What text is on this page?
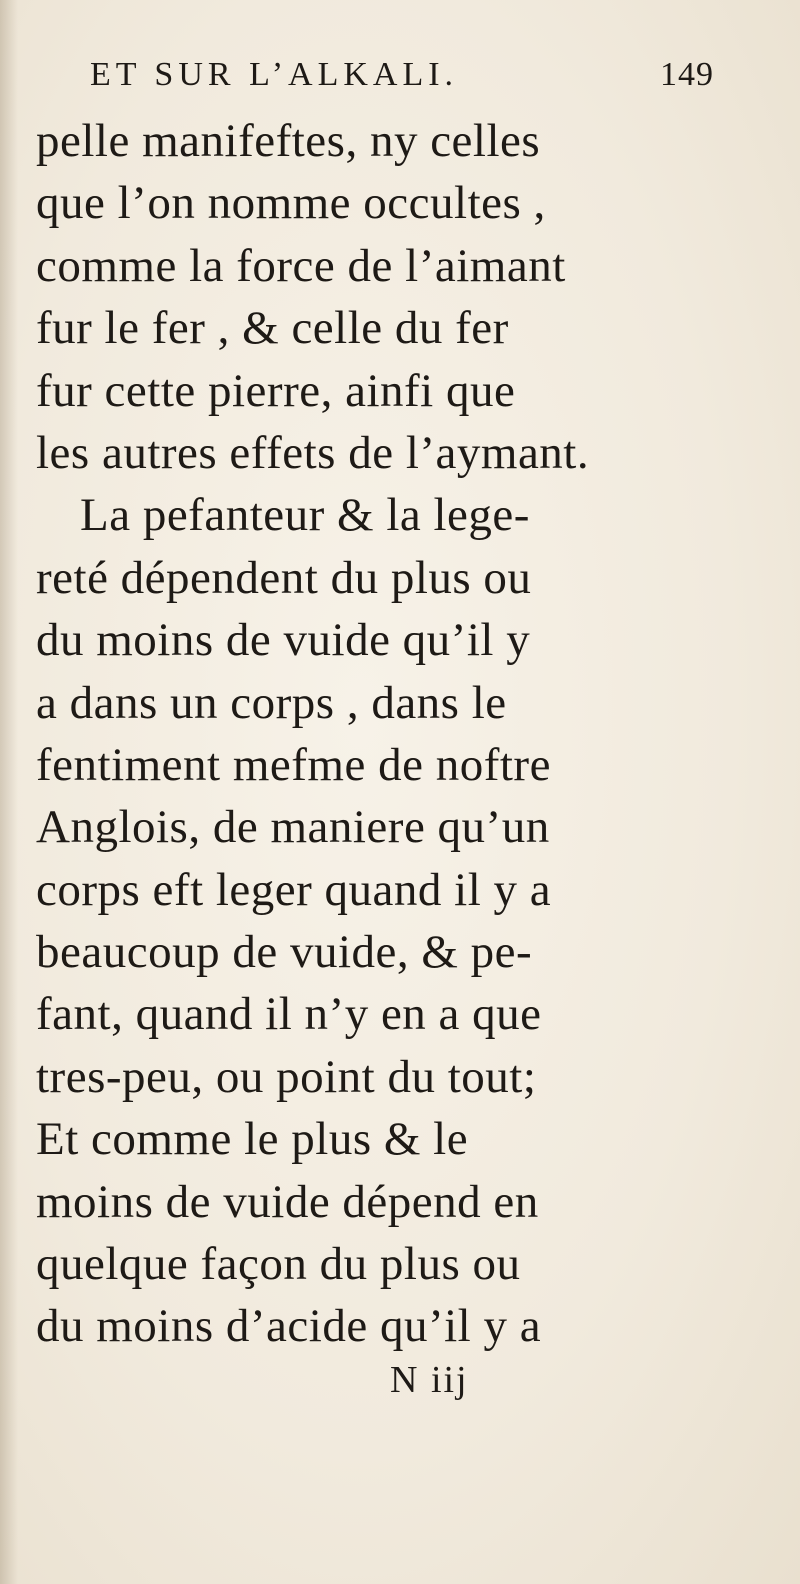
ET SUR L’ALKALI.	149
pelle manifeftes, ny celles
que l’on nomme occultes ,
comme la force de l’aimant
fur le fer , & celle du fer
fur cette pierre, ainfi que
les autres effets de l’aymant.
La pefanteur & la lege-
reté dépendent du plus ou
du moins de vuide qu’il y
a dans un corps , dans le
fentiment mefme de noftre
Anglois, de maniere qu’un
corps eft leger quand il y a
beaucoup de vuide, & pe-
fant, quand il n’y en a que
tres-peu, ou point du tout;
Et comme le plus & le
moins de vuide dépend en
quelque façon du plus ou
du moins d’acide qu’il y a
N iij
